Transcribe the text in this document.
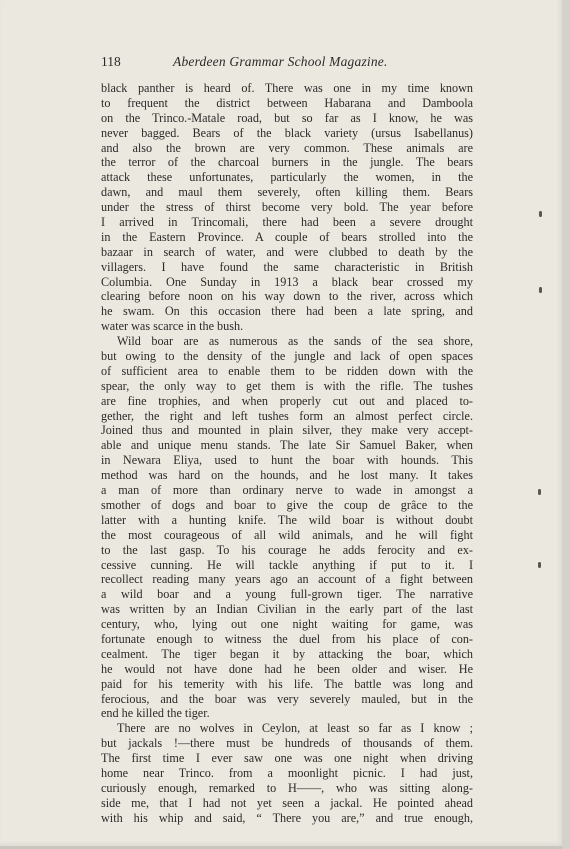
118	Aberdeen Grammar School Magazine.
black panther is heard of. There was one in my time known
to frequent the district between Habarana and Damboola
on the Trinco.-Matale road, but so far as I know, he was
never bagged. Bears of the black variety (ursus Isabellanus)
and also the brown are very common. These animals are
the terror of the charcoal burners in the jungle. The bears
attack these unfortunates, particularly the women, in the
dawn, and maul them severely, often killing them. Bears
under the stress of thirst become very bold. The year before
I arrived in Trincomali, there had been a severe drought
in the Eastern Province. A couple of bears strolled into the
bazaar in search of water, and were clubbed to death by the
villagers. I have found the same characteristic in British
Columbia. One Sunday in 1913 a black bear crossed my
clearing before noon on his way down to the river, across which
he swam. On this occasion there had been a late spring, and
water was scarce in the bush.
Wild boar are as numerous as the sands of the sea shore,
but owing to the density of the jungle and lack of open spaces
of sufficient area to enable them to be ridden down with the
spear, the only way to get them is with the rifle. The tushes
are fine trophies, and when properly cut out and placed to-
gether, the right and left tushes form an almost perfect circle.
Joined thus and mounted in plain silver, they make very accept-
able and unique menu stands. The late Sir Samuel Baker, when
in Newara Eliya, used to hunt the boar with hounds. This
method was hard on the hounds, and he lost many. It takes
a man of more than ordinary nerve to wade in amongst a
smother of dogs and boar to give the coup de grâce to the
latter with a hunting knife. The wild boar is without doubt
the most courageous of all wild animals, and he will fight
to the last gasp. To his courage he adds ferocity and ex-
cessive cunning. He will tackle anything if put to it. I
recollect reading many years ago an account of a fight between
a wild boar and a young full-grown tiger. The narrative
was written by an Indian Civilian in the early part of the last
century, who, lying out one night waiting for game, was
fortunate enough to witness the duel from his place of con-
cealment. The tiger began it by attacking the boar, which
he would not have done had he been older and wiser. He
paid for his temerity with his life. The battle was long and
ferocious, and the boar was very severely mauled, but in the
end he killed the tiger.
There are no wolves in Ceylon, at least so far as I know ;
but jackals !—there must be hundreds of thousands of them.
The first time I ever saw one was one night when driving
home near Trinco. from a moonlight picnic. I had just,
curiously enough, remarked to H——, who was sitting along-
side me, that I had not yet seen a jackal. He pointed ahead
with his whip and said, “ There you are,” and true enough,
